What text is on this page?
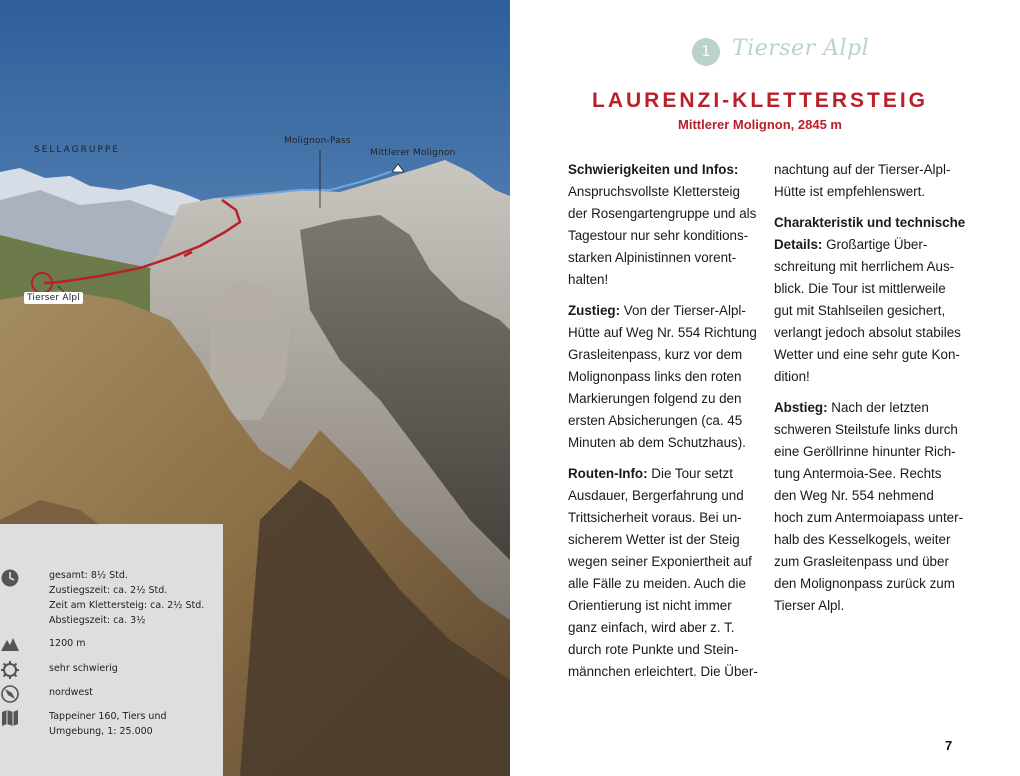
SELLAGRUPPE
Molignon-Pass
Mittlerer Molignon
Tierser Alpl
gesamt: 8½ Std.
Zustiegszeit: ca. 2½ Std.
Zeit am Klettersteig: ca. 2½ Std.
Abstiegszeit: ca. 3½
1200 m
sehr schwierig
nordwest
Tappeiner 160, Tiers und
Umgebung, 1: 25.000
1 Tierser Alpl
LAURENZI-KLETTERSTEIG
Mittlerer Molignon, 2845 m
Schwierigkeiten und Infos:
Anspruchsvollste Klettersteig
der Rosengartengruppe und als
Tagestour nur sehr konditions-
starken Alpinistinnen vorent-
halten!
Zustieg: Von der Tierser-Alpl-
Hütte auf Weg Nr. 554 Richtung
Grasleitenpass, kurz vor dem
Molignonpass links den roten
Markierungen folgend zu den
ersten Absicherungen (ca. 45
Minuten ab dem Schutzhaus).
Routen-Info: Die Tour setzt
Ausdauer, Bergerfahrung und
Trittsicherheit voraus. Bei un-
sicherem Wetter ist der Steig
wegen seiner Exponiertheit auf
alle Fälle zu meiden. Auch die
Orientierung ist nicht immer
ganz einfach, wird aber z. T.
durch rote Punkte und Stein-
männchen erleichtert. Die Über-
nachtung auf der Tierser-Alpl-
Hütte ist empfehlenswert.
Charakteristik und technische
Details: Großartige Über-
schreitung mit herrlichem Aus-
blick. Die Tour ist mittlerweile
gut mit Stahlseilen gesichert,
verlangt jedoch absolut stabiles
Wetter und eine sehr gute Kon-
dition!
Abstieg: Nach der letzten
schweren Steilstufe links durch
eine Geröllrinne hinunter Rich-
tung Antermoia-See. Rechts
den Weg Nr. 554 nehmend
hoch zum Antermoiapass unter-
halb des Kesselkogels, weiter
zum Grasleitenpass und über
den Molignonpass zurück zum
Tierser Alpl.
7
